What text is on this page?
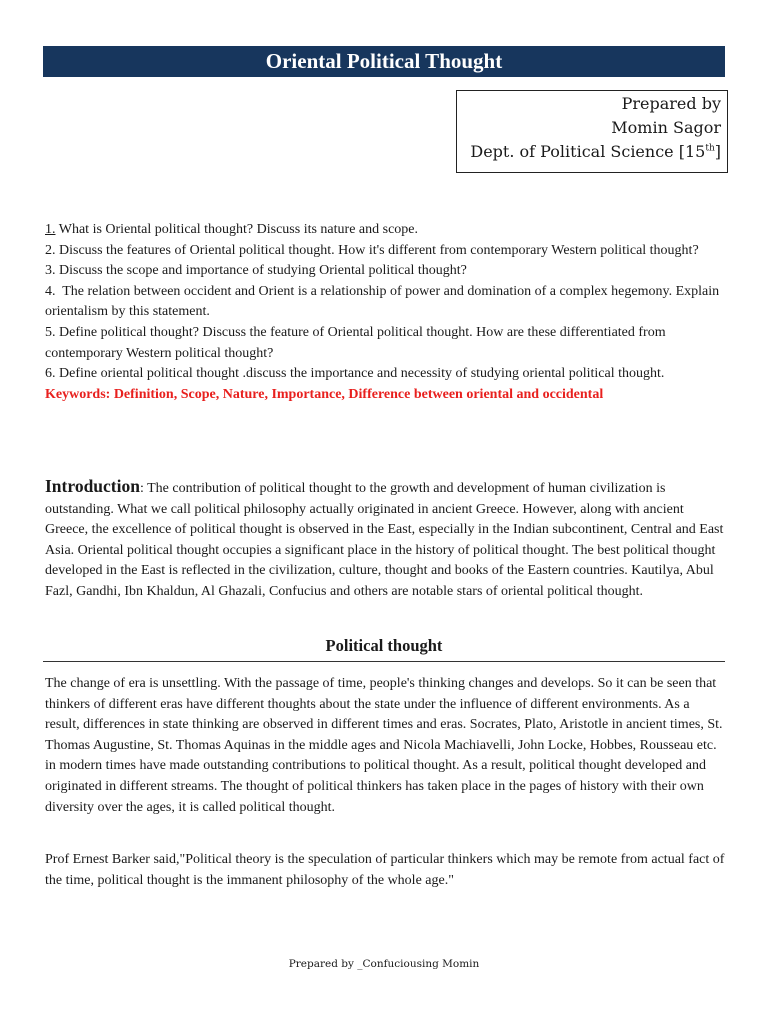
Oriental Political Thought
Prepared by
Momin Sagor
Dept. of Political Science [15th]

1. What is Oriental political thought? Discuss its nature and scope.

2. Discuss the features of Oriental political thought. How it's different from contemporary Western political thought?

3. Discuss the scope and importance of studying Oriental political thought?

4.  The relation between occident and Orient is a relationship of power and domination of a complex hegemony. Explain orientalism by this statement.

5. Define political thought? Discuss the feature of Oriental political thought. How are these differentiated from contemporary Western political thought?

6. Define oriental political thought .discuss the importance and necessity of studying oriental political thought.

Keywords: Definition, Scope, Nature, Importance, Difference between oriental and occidental

Introduction: The contribution of political thought to the growth and development of human civilization is outstanding. What we call political philosophy actually originated in ancient Greece. However, along with ancient Greece, the excellence of political thought is observed in the East, especially in the Indian subcontinent, Central and East Asia. Oriental political thought occupies a significant place in the history of political thought. The best political thought developed in the East is reflected in the civilization, culture, thought and books of the Eastern countries. Kautilya, Abul Fazl, Gandhi, Ibn Khaldun, Al Ghazali, Confucius and others are notable stars of oriental political thought.

Political thought

The change of era is unsettling. With the passage of time, people's thinking changes and develops. So it can be seen that thinkers of different eras have different thoughts about the state under the influence of different environments. As a result, differences in state thinking are observed in different times and eras. Socrates, Plato, Aristotle in ancient times, St. Thomas Augustine, St. Thomas Aquinas in the middle ages and Nicola Machiavelli, John Locke, Hobbes, Rousseau etc. in modern times have made outstanding contributions to political thought. As a result, political thought developed and originated in different streams. The thought of political thinkers has taken place in the pages of history with their own diversity over the ages, it is called political thought.

Prof Ernest Barker said,"Political theory is the speculation of particular thinkers which may be remote from actual fact of the time, political thought is the immanent philosophy of the whole age."

Prepared by _Confuciousing Momin
